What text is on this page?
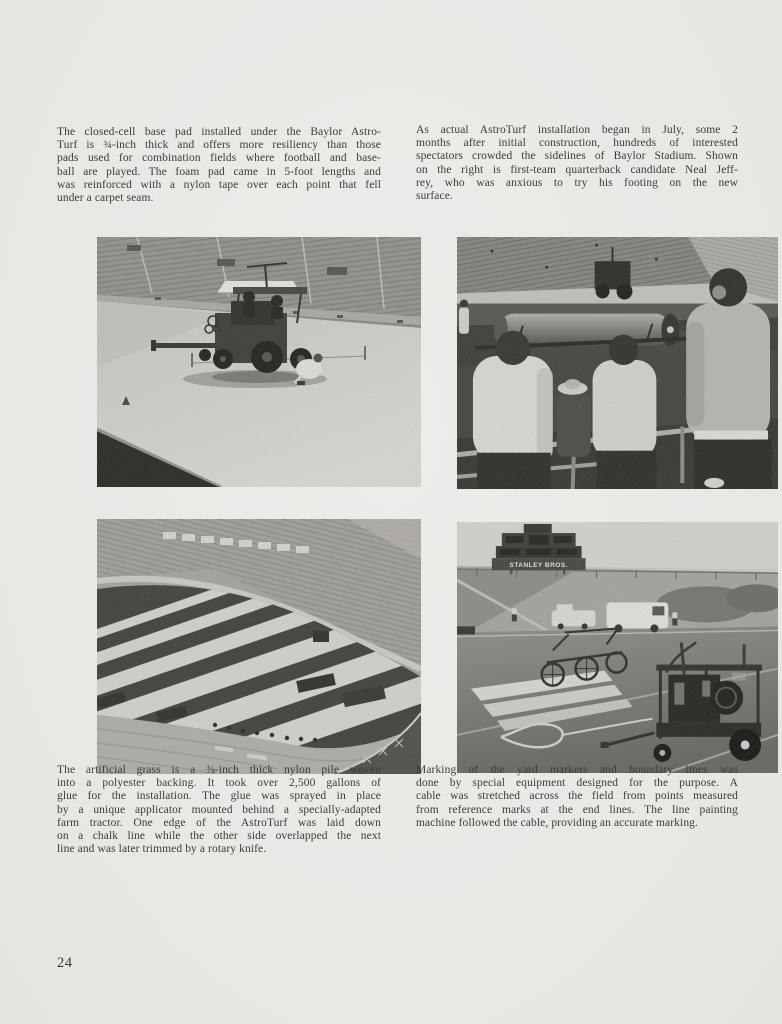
The closed-cell base pad installed under the Baylor Astro-
Turf is ¾-inch thick and offers more resiliency than those
pads used for combination fields where football and base-
ball are played. The foam pad came in 5-foot lengths and
was reinforced with a nylon tape over each point that fell
under a carpet seam.
As actual AstroTurf installation began in July, some 2
months after initial construction, hundreds of interested
spectators crowded the sidelines of Baylor Stadium. Shown
on the right is first-team quarterback candidate Neal Jeff-
rey, who was anxious to try his footing on the new
surface.
The artificial grass is a ⅜-inch thick nylon pile woven
into a polyester backing. It took over 2,500 gallons of
glue for the installation. The glue was sprayed in place
by a unique applicator mounted behind a specially-adapted
farm tractor. One edge of the AstroTurf was laid down
on a chalk line while the other side overlapped the next
line and was later trimmed by a rotary knife.
Marking of the yard markers and boundary lines was
done by special equipment designed for the purpose. A
cable was stretched across the field from points measured
from reference marks at the end lines. The line painting
machine followed the cable, providing an accurate marking.
24
